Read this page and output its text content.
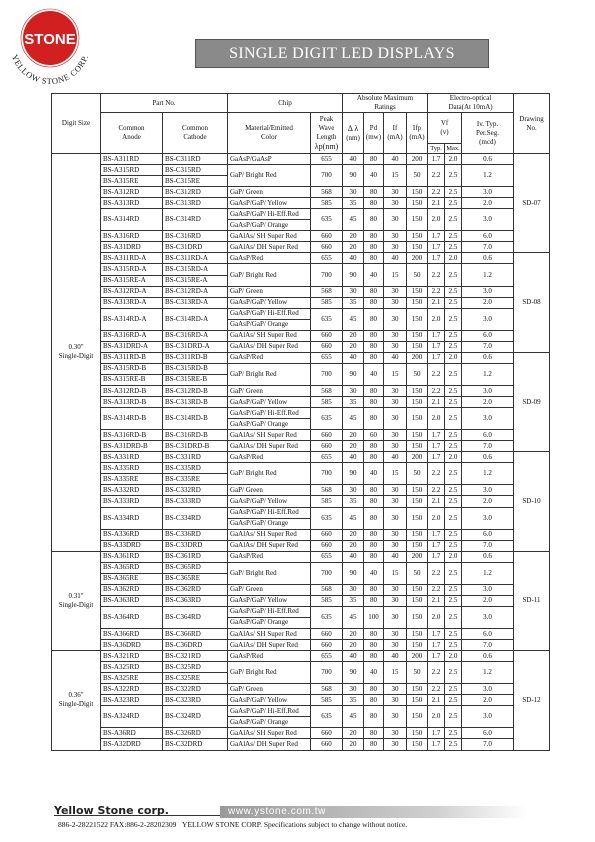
STONE
YELLOW STONE CORP.	SINGLE DIGIT LED DISPLAYS
Digit Size	Part No.		Chip		Absolute Maximum
Ratings				Electro-optical
Data(At 10mA)			Drawing
No.
	Common
Anode	Common
Cathode	Material/Emitted
Color	Peak
Wave
Length
λp(nm)	Δ λ
(nm)	Pd
(mw)	If
(mA)	Ifp
(mA)	Vf
(v)		Iv. Typ.
Per.Seg.
(mcd)	
									Typ.	Max.		
0.30"
Single-Digit	BS-A311RD	BS-C311RD	GaAsP/GaAsP	655	40	80	40	200	1.7	2.0	0.6	SD-07
	BS-A315RD	BS-C315RD	GaP/ Bright Red	700	90	40	15	50	2.2	2.5	1.2	
	BS-A315RE	BS-C315RE										
	BS-A312RD	BS-C312RD	GaP/ Green	568	30	80	30	150	2.2	2.5	3.0	
	BS-A313RD	BS-C313RD	GaAsP/GaP/ Yellow	585	35	80	30	150	2.1	2.5	2.0	
	BS-A314RD	BS-C314RD	GaAsP/GaP/ Hi-Eff.Red	635	45	80	30	150	2.0	2.5	3.0	
			GaAsP/GaP/ Orange									
	BS-A316RD	BS-C316RD	GaAlAs/ SH Super Red	660	20	80	30	150	1.7	2.5	6.0	
	BS-A31DRD	BS-C31DRD	GaAlAs/ DH Super Red	660	20	80	30	150	1.7	2.5	7.0	
	BS-A311RD-A	BS-C311RD-A	GaAsP/Red	655	40	80	40	200	1.7	2.0	0.6	SD-08
	BS-A315RD-A	BS-C315RD-A	GaP/ Bright Red	700	90	40	15	50	2.2	2.5	1.2	
	BS-A315RE-A	BS-C315RE-A										
	BS-A312RD-A	BS-C312RD-A	GaP/ Green	568	30	80	30	150	2.2	2.5	3.0	
	BS-A313RD-A	BS-C313RD-A	GaAsP/GaP/ Yellow	585	35	80	30	150	2.1	2.5	2.0	
	BS-A314RD-A	BS-C314RD-A	GaAsP/GaP/ Hi-Eff.Red	635	45	80	30	150	2.0	2.5	3.0	
			GaAsP/GaP/ Orange									
	BS-A316RD-A	BS-C316RD-A	GaAlAs/ SH Super Red	660	20	80	30	150	1.7	2.5	6.0	
	BS-A31DRD-A	BS-C31DRD-A	GaAlAs/ DH Super Red	660	20	80	30	150	1.7	2.5	7.0	
	BS-A311RD-B	BS-C311RD-B	GaAsP/Red	655	40	80	40	200	1.7	2.0	0.6	SD-09
	BS-A315RD-B	BS-C315RD-B	GaP/ Bright Red	700	90	40	15	50	2.2	2.5	1.2	
	BS-A315RE-B	BS-C315RE-B										
	BS-A312RD-B	BS-C312RD-B	GaP/ Green	568	30	80	30	150	2.2	2.5	3.0	
	BS-A313RD-B	BS-C313RD-B	GaAsP/GaP/ Yellow	585	35	80	30	150	2.1	2.5	2.0	
	BS-A314RD-B	BS-C314RD-B	GaAsP/GaP/ Hi-Eff.Red	635	45	80	30	150	2.0	2.5	3.0	
			GaAsP/GaP/ Orange									
	BS-A316RD-B	BS-C316RD-B	GaAlAs/ SH Super Red	660	20	60	30	150	1.7	2.5	6.0	
	BS-A31DRD-B	BS-C31DRD-B	GaAlAs/ DH Super Red	660	20	80	30	150	1.7	2.5	7.0	
	BS-A331RD	BS-C331RD	GaAsP/Red	655	40	80	40	200	1.7	2.0	0.6	SD-10
	BS-A335RD	BS-C335RD	GaP/ Bright Red	700	90	40	15	50	2.2	2.5	1.2	
	BS-A335RE	BS-C335RE										
	BS-A332RD	BS-C332RD	GaP/ Green	568	30	80	30	150	2.2	2.5	3.0	
	BS-A333RD	BS-C333RD	GaAsP/GaP/ Yellow	585	35	80	30	150	2.1	2.5	2.0	
	BS-A334RD	BS-C334RD	GaAsP/GaP/ Hi-Eff.Red	635	45	80	30	150	2.0	2.5	3.0	
			GaAsP/GaP/ Orange									
	BS-A336RD	BS-C336RD	GaAlAs/ SH Super Red	660	20	80	30	150	1.7	2.5	6.0	
	BS-A33DRD	BS-C33DRD	GaAlAs/ DH Super Red	660	20	80	30	150	1.7	2.5	7.0	
0.31"
Single-Digit	BS-A361RD	BS-C361RD	GaAsP/Red	655	40	80	40	200	1.7	2.0	0.6	SD-11
	BS-A365RD	BS-C365RD	GaP/ Bright Red	700	90	40	15	50	2.2	2.5	1.2	
	BS-A365RE	BS-C365RE										
	BS-A362RD	BS-C362RD	GaP/ Green	568	30	80	30	150	2.2	2.5	3.0	
	BS-A363RD	BS-C363RD	GaAsP/GaP/ Yellow	585	35	80	30	150	2.1	2.5	2.0	
	BS-A364RD	BS-C364RD	GaAsP/GaP/ Hi-Eff.Red	635	45	100	30	150	2.0	2.5	3.0	
			GaAsP/GaP/ Orange									
	BS-A366RD	BS-C366RD	GaAlAs/ SH Super Red	660	20	80	30	150	1.7	2.5	6.0	
	BS-A36DRD	BS-C36DRD	GaAlAs/ DH Super Red	660	20	80	30	150	1.7	2.5	7.0	
0.36"
Single-Digit	BS-A321RD	BS-C321RD	GaAsP/Red	655	40	80	40	200	1.7	2.0	0.6	SD-12
	BS-A325RD	BS-C325RD	GaP/ Bright Red	700	90	40	15	50	2.2	2.5	1.2	
	BS-A325RE	BS-C325RE										
	BS-A322RD	BS-C322RD	GaP/ Green	568	30	80	30	150	2.2	2.5	3.0	
	BS-A323RD	BS-C323RD	GaAsP/GaP/ Yellow	585	35	80	30	150	2.1	2.5	2.0	
	BS-A324RD	BS-C324RD	GaAsP/GaP/ Hi-Eff.Red	635	45	80	30	150	2.0	2.5	3.0	
			GaAsP/GaP/ Orange									
	BS-A36RD	BS-C326RD	GaAlAs/ SH Super Red	660	20	80	30	150	1.7	2.5	6.0	
	BS-A32DRD	BS-C32DRD	GaAlAs/ DH Super Red	660	20	80	30	150	1.7	2.5	7.0	
Yellow Stone corp.	www.ystone.com.tw
886-2-28221522 FAX:886-2-28202309 YELLOW STONE CORP. Specifications subject to change without notice.
